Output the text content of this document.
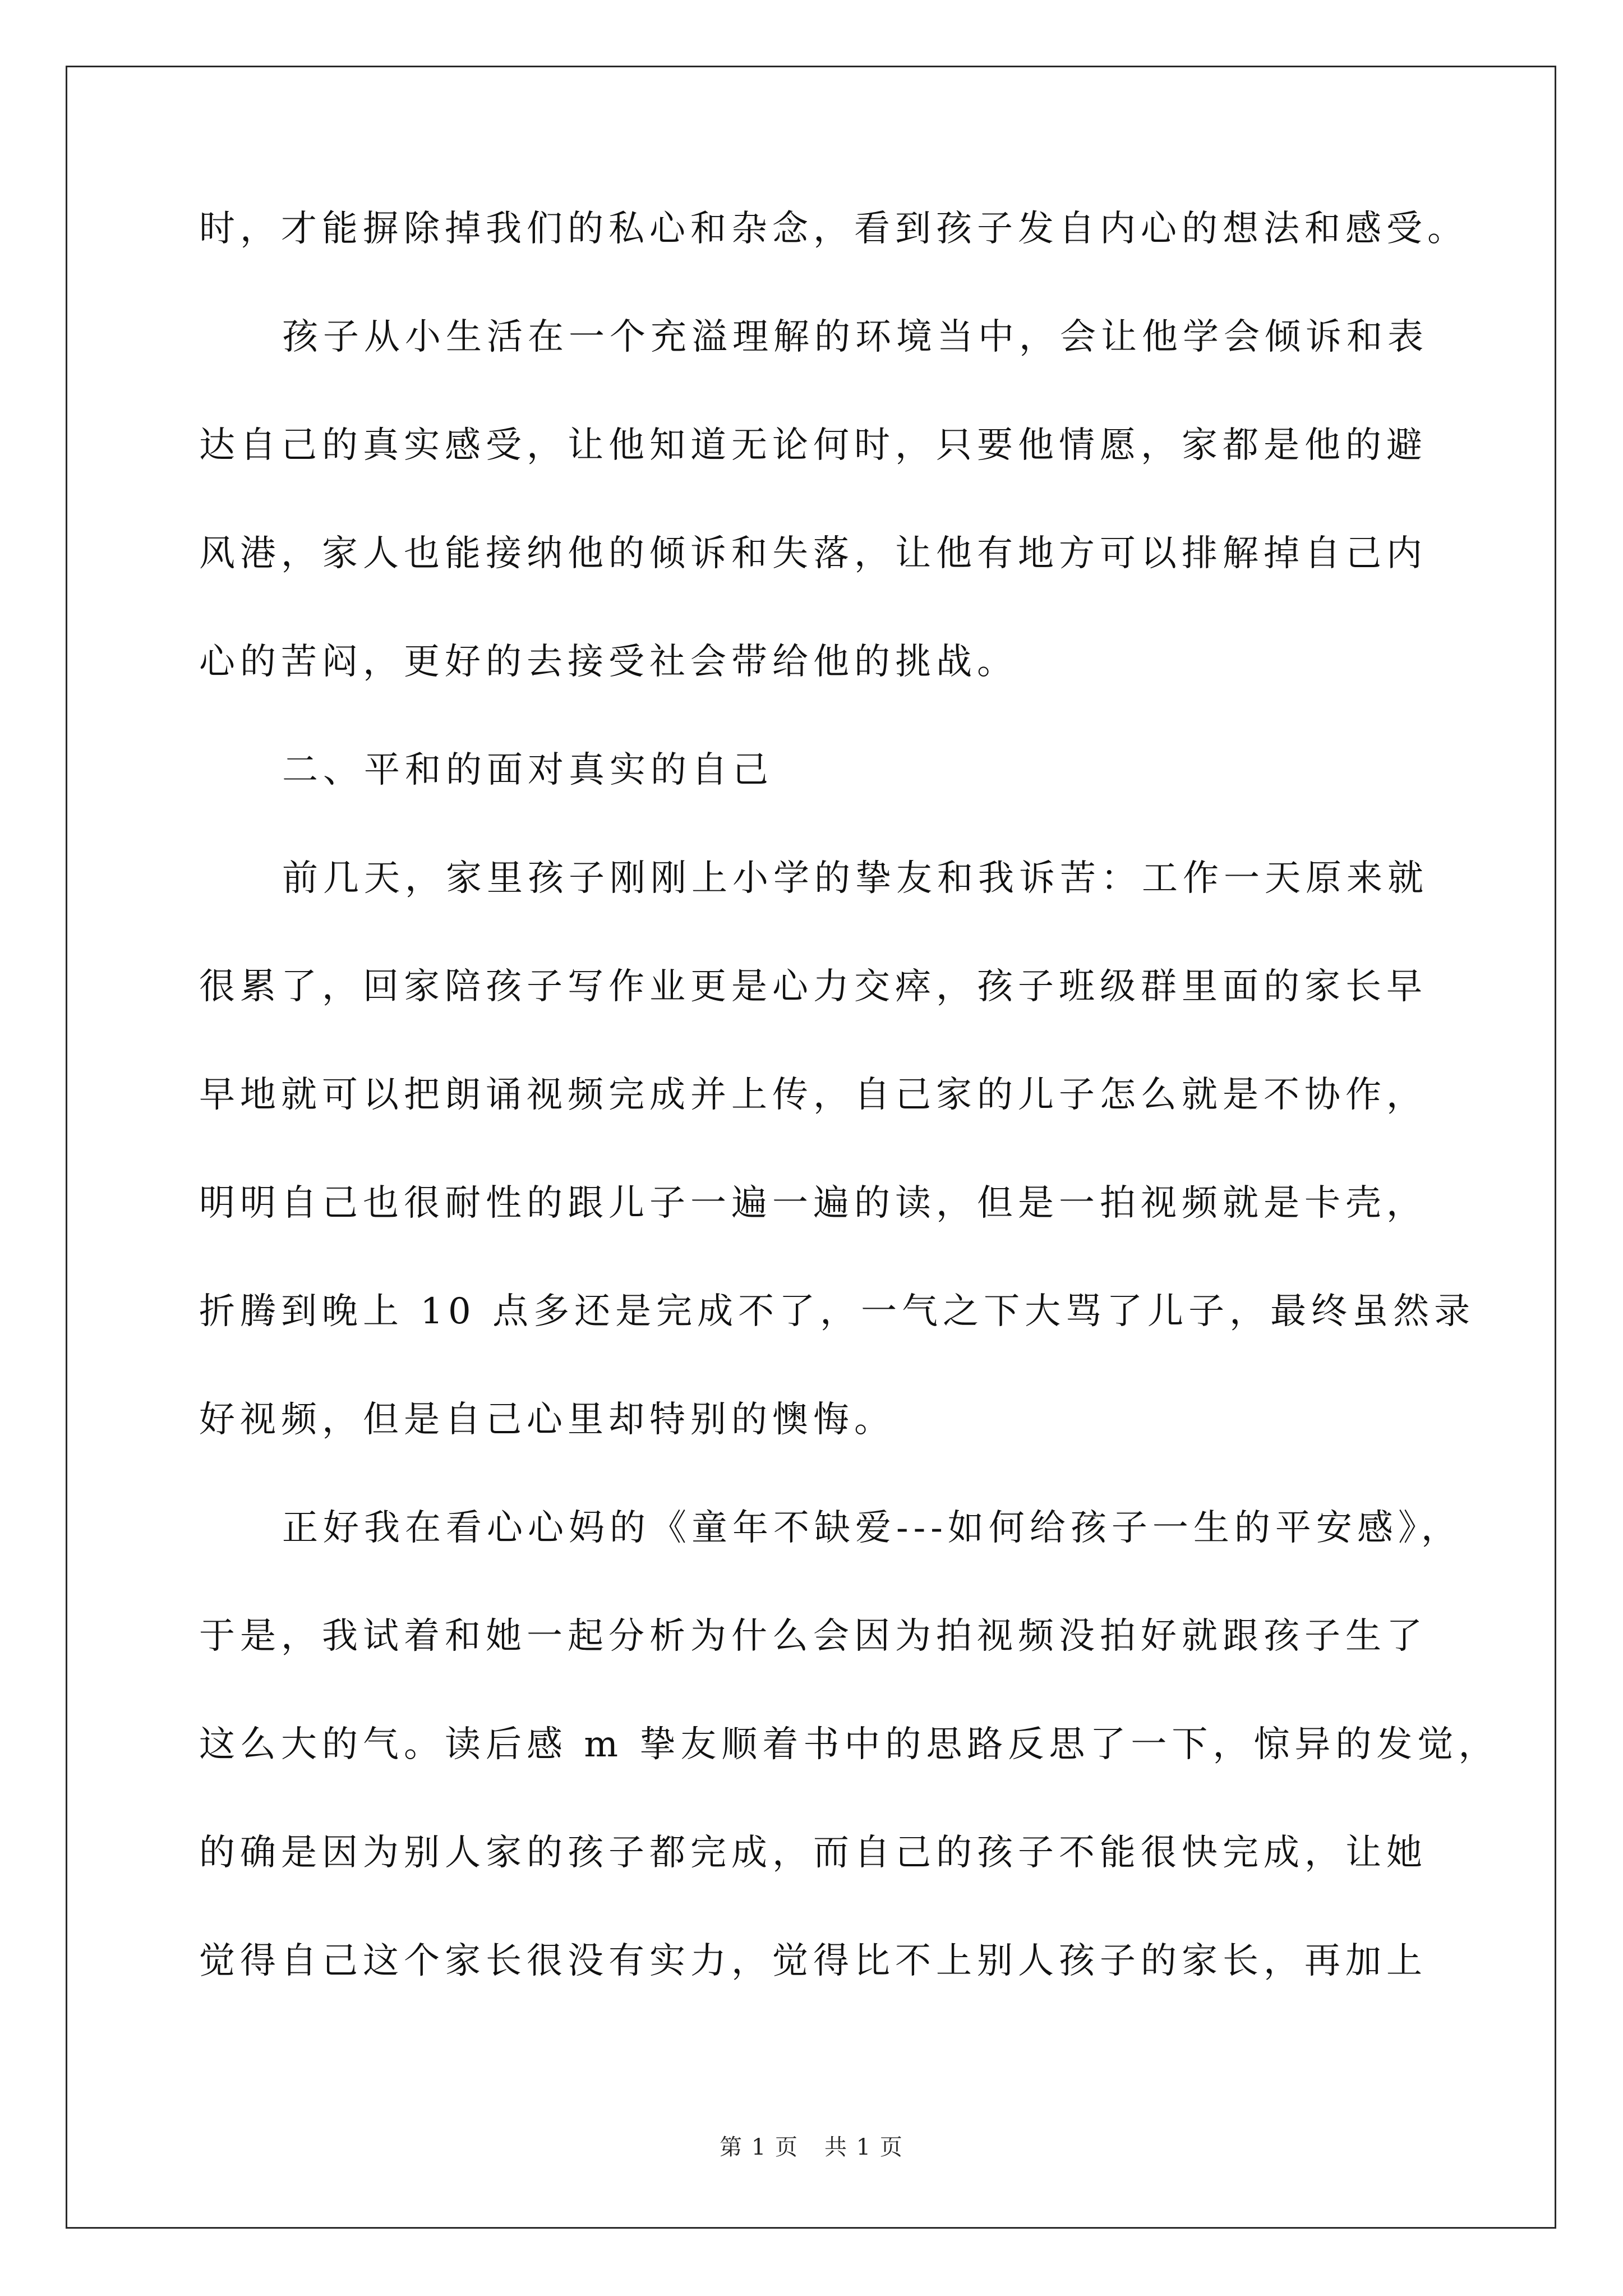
时，才能摒除掉我们的私心和杂念，看到孩子发自内心的想法和感受。
孩子从小生活在一个充溢理解的环境当中，会让他学会倾诉和表
达自己的真实感受，让他知道无论何时，只要他情愿，家都是他的避
风港，家人也能接纳他的倾诉和失落，让他有地方可以排解掉自己内
心的苦闷，更好的去接受社会带给他的挑战。
二、平和的面对真实的自己
前几天，家里孩子刚刚上小学的挚友和我诉苦：工作一天原来就
很累了，回家陪孩子写作业更是心力交瘁，孩子班级群里面的家长早
早地就可以把朗诵视频完成并上传，自己家的儿子怎么就是不协作，
明明自己也很耐性的跟儿子一遍一遍的读，但是一拍视频就是卡壳，
折腾到晚上 10 点多还是完成不了，一气之下大骂了儿子，最终虽然录
好视频，但是自己心里却特别的懊悔。
正好我在看心心妈的《童年不缺爱---如何给孩子一生的平安感》，
于是，我试着和她一起分析为什么会因为拍视频没拍好就跟孩子生了
这么大的气。读后感 m 挚友顺着书中的思路反思了一下，惊异的发觉，
的确是因为别人家的孩子都完成，而自己的孩子不能很快完成，让她
觉得自己这个家长很没有实力，觉得比不上别人孩子的家长，再加上
第 1 页 共 1 页
